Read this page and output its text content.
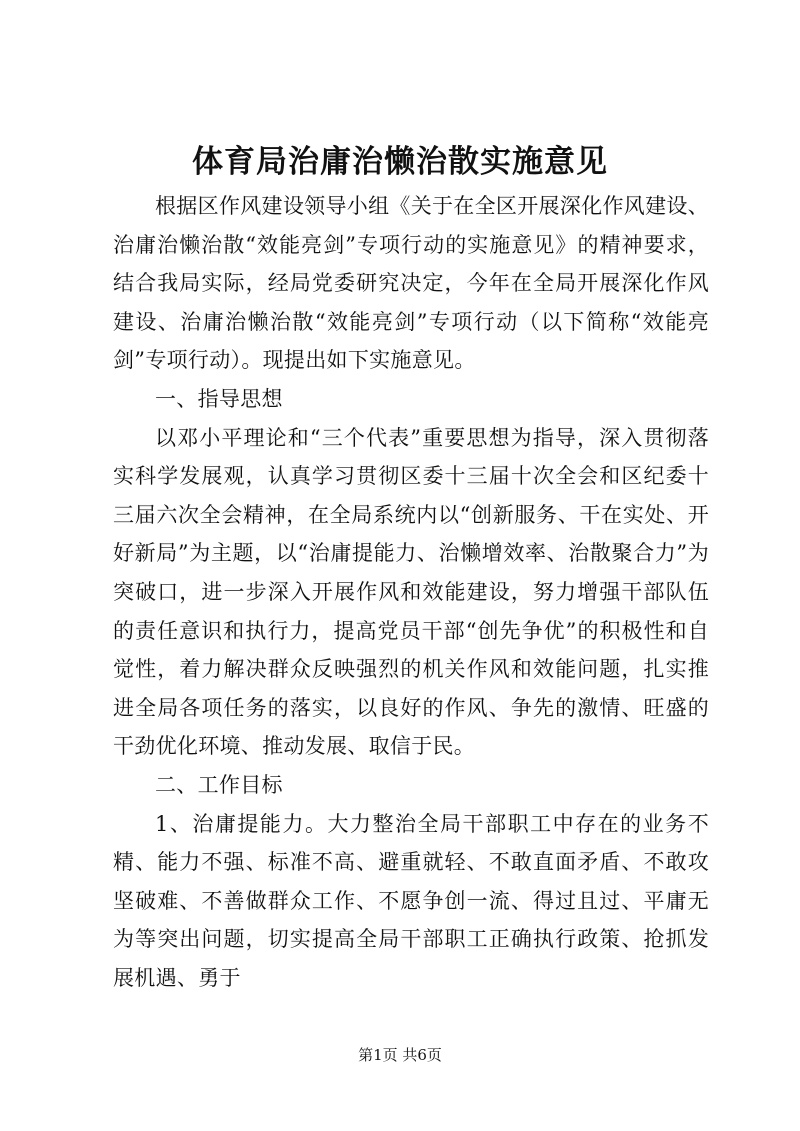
体育局治庸治懒治散实施意见

根据区作风建设领导小组《关于在全区开展深化作风建设、治庸治懒治散“效能亮剑”专项行动的实施意见》的精神要求，结合我局实际，经局党委研究决定，今年在全局开展深化作风建设、治庸治懒治散“效能亮剑”专项行动（以下简称“效能亮剑”专项行动）。现提出如下实施意见。

一、指导思想

以邓小平理论和“三个代表”重要思想为指导，深入贯彻落实科学发展观，认真学习贯彻区委十三届十次全会和区纪委十三届六次全会精神，在全局系统内以“创新服务、干在实处、开好新局”为主题，以“治庸提能力、治懒增效率、治散聚合力”为突破口，进一步深入开展作风和效能建设，努力增强干部队伍的责任意识和执行力，提高党员干部“创先争优”的积极性和自觉性，着力解决群众反映强烈的机关作风和效能问题，扎实推进全局各项任务的落实，以良好的作风、争先的激情、旺盛的干劲优化环境、推动发展、取信于民。

二、工作目标

1、治庸提能力。大力整治全局干部职工中存在的业务不精、能力不强、标准不高、避重就轻、不敢直面矛盾、不敢攻坚破难、不善做群众工作、不愿争创一流、得过且过、平庸无为等突出问题，切实提高全局干部职工正确执行政策、抢抓发展机遇、勇于

第1页 共6页
